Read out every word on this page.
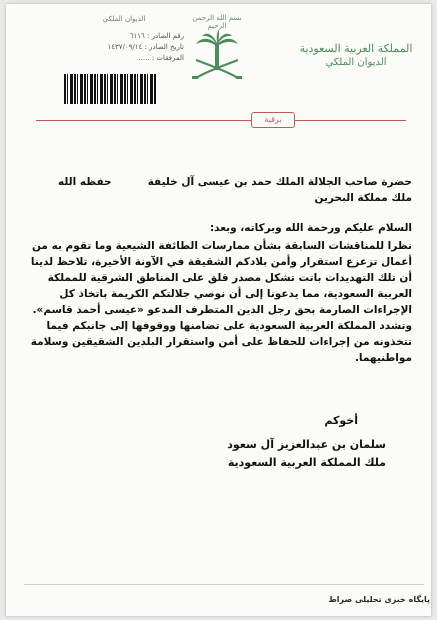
الديوان الملكي
رقم الصادر : ٦١١٦
تاريخ الصادر : ١٤٣٧/٠٩/١٤
المرفقات : .....
بسم الله الرحمن الرحيم
المملكة العربية السعودية
الديوان الملكي
برقية
حضرة صاحب الجلالة الملك حمد بن عيسى آل خليفة
حفظه الله
ملك مملكة البحرين
السلام عليكم ورحمة الله وبركاته، وبعد:

نظرا للمناقشات السابقة بشأن ممارسات الطائفة الشيعية وما تقوم به من

أعمال تزعزع استقرار وأمن بلادكم الشقيقة في الآونة الأخيرة، تلاحظ لدينا

أن تلك التهديدات باتت تشكل مصدر قلق على المناطق الشرقية للمملكة

العربية السعودية، مما يدعونا إلى أن نوصي جلالتكم الكريمة باتخاذ كل

الإجراءات الصارمة بحق رجل الدين المتطرف المدعو «عيسى أحمد قاسم».

وتشدد المملكة العربية السعودية على تضامنها ووقوفها إلى جانبكم فيما

تتخذونه من إجراءات للحفاظ على أمن واستقرار البلدين الشقيقين وسلامة

مواطنيهما.

أخوكم
سلمان بن عبدالعزيز آل سعود
ملك المملكة العربية السعودية
پایگاه خبری تحلیلی صراط
